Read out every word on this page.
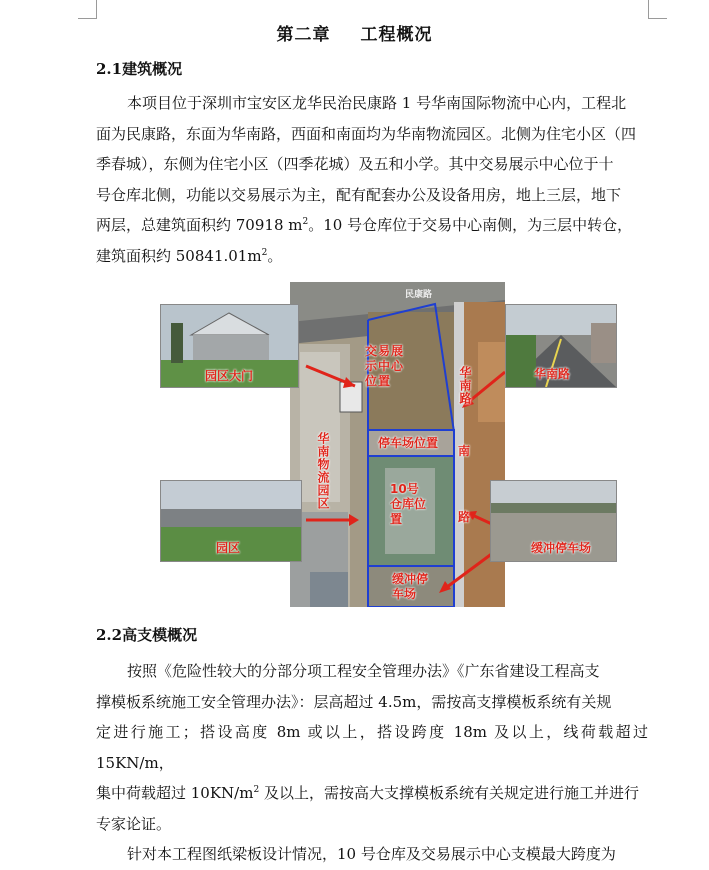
第二章 工程概况
2.1建筑概况
本项目位于深圳市宝安区龙华民治民康路 1 号华南国际物流中心内，工程北
面为民康路，东面为华南路，西面和南面均为华南物流园区。北侧为住宅小区（四
季春城），东侧为住宅小区（四季花城）及五和小学。其中交易展示中心位于十
号仓库北侧，功能以交易展示为主，配有配套办公及设备用房，地上三层，地下
两层，总建筑面积约 70918 $m^2$。10 号仓库位于交易中心南侧，为三层中转仓，
建筑面积约 $50841.01m^2$。
园区大门	华南路
园区	缓冲停车场
民康路
交易展示中心位置
停车场位置
10号仓库位置
缓冲停车场
华南物流园区
华南路
南
路
2.2高支模概况
按照《危险性较大的分部分项工程安全管理办法》《广东省建设工程高支
撑模板系统施工安全管理办法》：层高超过 4.5m，需按高支撑模板系统有关规
定进行施工；搭设高度 8m 或以上，搭设跨度 18m 及以上，线荷载超过 15KN/m，
集中荷载超过 $10KN/m^2$ 及以上，需按高大支撑模板系统有关规定进行施工并进行
专家论证。
针对本工程图纸梁板设计情况，10 号仓库及交易展示中心支模最大跨度为
